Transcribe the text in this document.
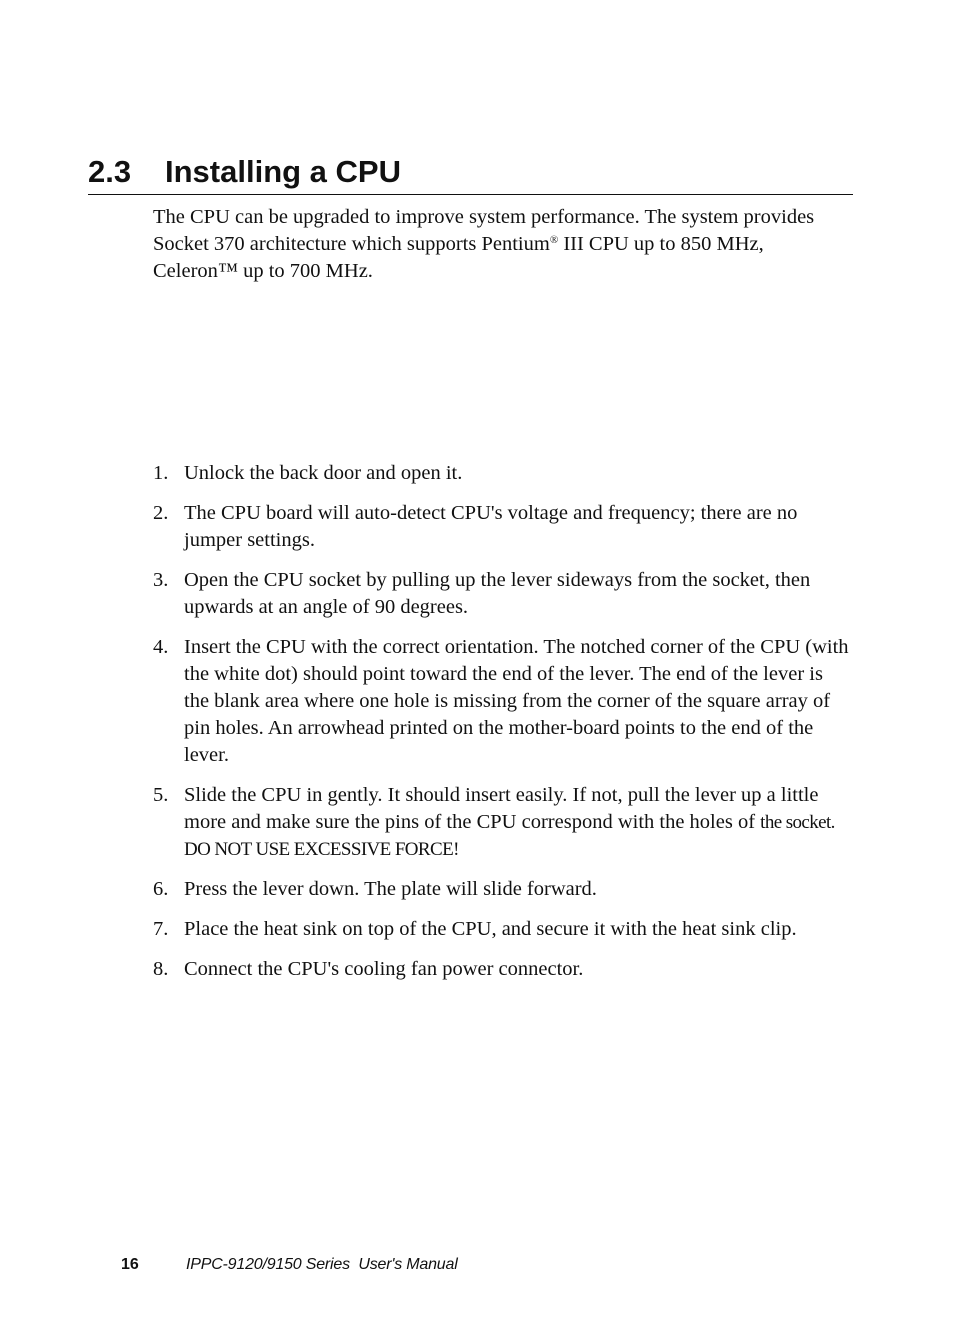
2.3 Installing a CPU

The CPU can be upgraded to improve system performance. The system provides Socket 370 architecture which supports Pentium® III CPU up to 850 MHz, Celeron™ up to 700 MHz.

1. Unlock the back door and open it.
2. The CPU board will auto-detect CPU's voltage and frequency; there are no jumper settings.
3. Open the CPU socket by pulling up the lever sideways from the socket, then upwards at an angle of 90 degrees.
4. Insert the CPU with the correct orientation. The notched corner of the CPU (with the white dot) should point toward the end of the lever. The end of the lever is the blank area where one hole is missing from the corner of the square array of pin holes. An arrowhead printed on the mother-board points to the end of the lever.
5. Slide the CPU in gently. It should insert easily. If not, pull the lever up a little more and make sure the pins of the CPU correspond with the holes of the socket. DO NOT USE EXCESSIVE FORCE!
6. Press the lever down. The plate will slide forward.
7. Place the heat sink on top of the CPU, and secure it with the heat sink clip.
8. Connect the CPU's cooling fan power connector.
16	IPPC-9120/9150 Series  User's Manual
